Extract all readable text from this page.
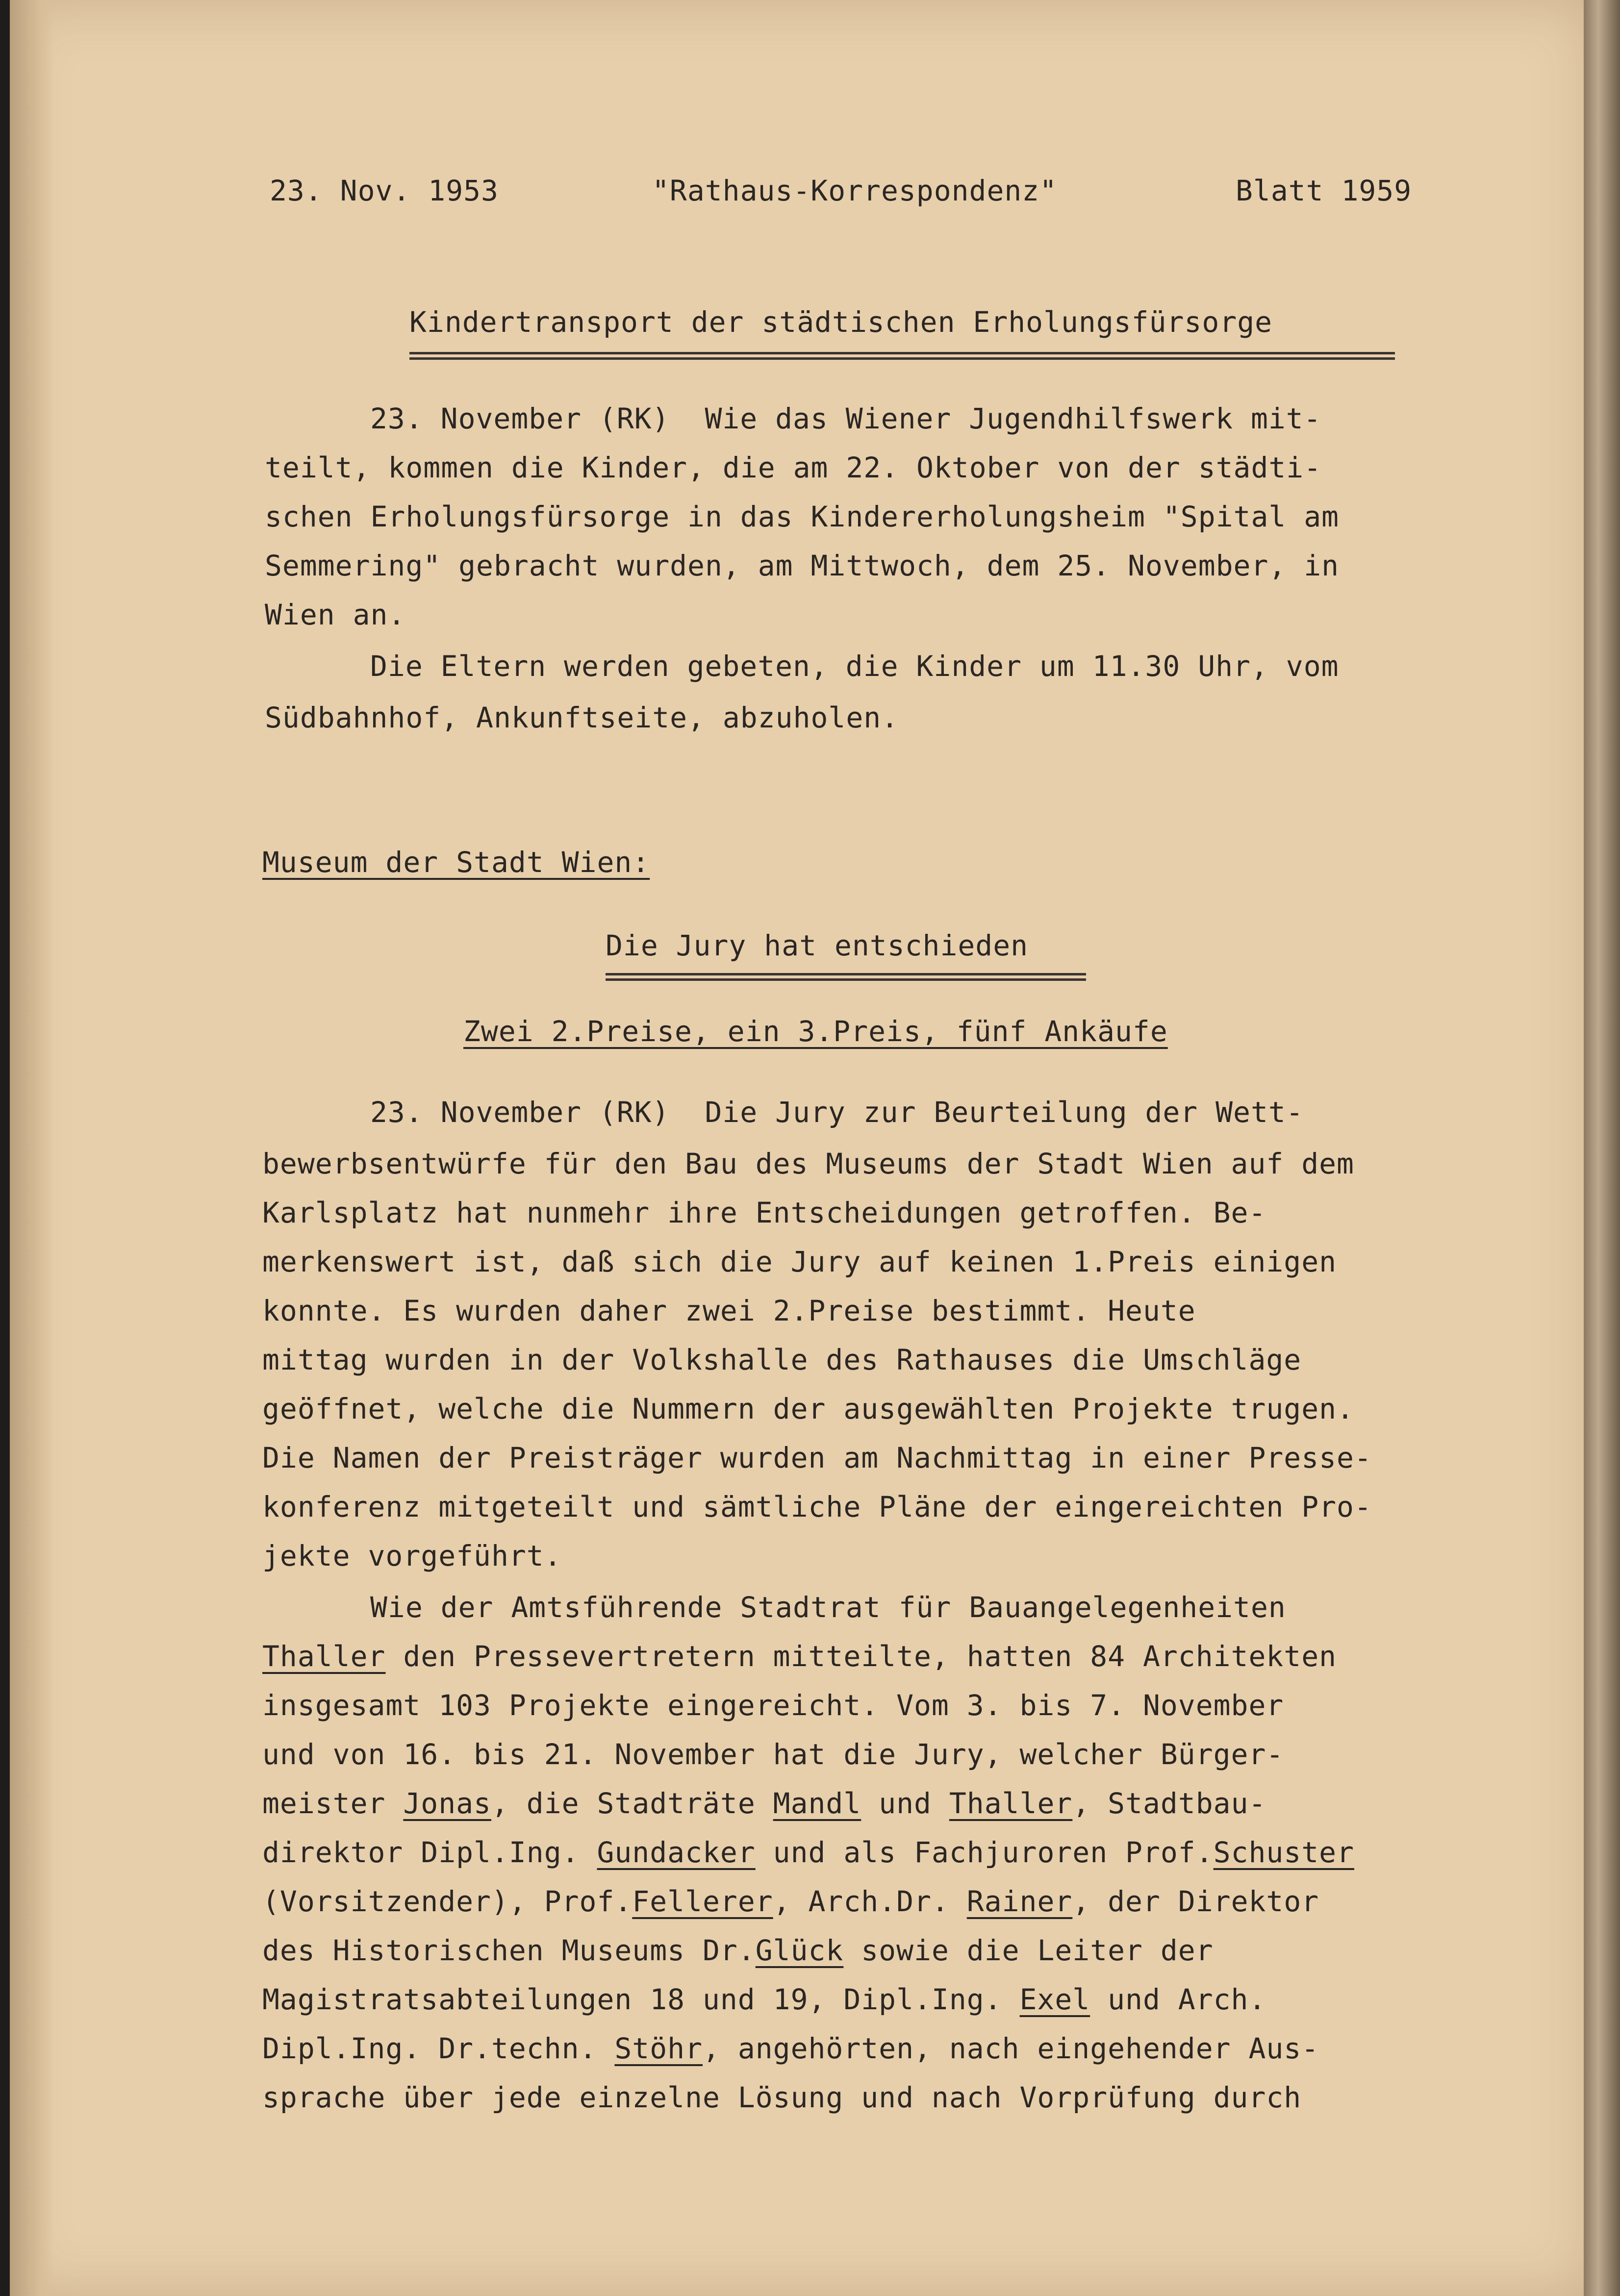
23. Nov. 1953	"Rathaus-Korrespondenz"	Blatt 1959
Kindertransport der städtischen Erholungsfürsorge
23. November (RK)  Wie das Wiener Jugendhilfswerk mit-
teilt, kommen die Kinder, die am 22. Oktober von der städti-
schen Erholungsfürsorge in das Kindererholungsheim "Spital am
Semmering" gebracht wurden, am Mittwoch, dem 25. November, in
Wien an.
Die Eltern werden gebeten, die Kinder um 11.30 Uhr, vom
Südbahnhof, Ankunftseite, abzuholen.
Museum der Stadt Wien:
Die Jury hat entschieden
Zwei 2.Preise, ein 3.Preis, fünf Ankäufe
23. November (RK)  Die Jury zur Beurteilung der Wett-
bewerbsentwürfe für den Bau des Museums der Stadt Wien auf dem
Karlsplatz hat nunmehr ihre Entscheidungen getroffen. Be-
merkenswert ist, daß sich die Jury auf keinen 1.Preis einigen
konnte. Es wurden daher zwei 2.Preise bestimmt. Heute
mittag wurden in der Volkshalle des Rathauses die Umschläge
geöffnet, welche die Nummern der ausgewählten Projekte trugen.
Die Namen der Preisträger wurden am Nachmittag in einer Presse-
konferenz mitgeteilt und sämtliche Pläne der eingereichten Pro-
jekte vorgeführt.
Wie der Amtsführende Stadtrat für Bauangelegenheiten
Thaller den Pressevertretern mitteilte, hatten 84 Architekten
insgesamt 103 Projekte eingereicht. Vom 3. bis 7. November
und von 16. bis 21. November hat die Jury, welcher Bürger-
meister Jonas, die Stadträte Mandl und Thaller, Stadtbau-
direktor Dipl.Ing. Gundacker und als Fachjuroren Prof.Schuster
(Vorsitzender), Prof.Fellerer, Arch.Dr. Rainer, der Direktor
des Historischen Museums Dr.Glück sowie die Leiter der
Magistratsabteilungen 18 und 19, Dipl.Ing. Exel und Arch.
Dipl.Ing. Dr.techn. Stöhr, angehörten, nach eingehender Aus-
sprache über jede einzelne Lösung und nach Vorprüfung durch
